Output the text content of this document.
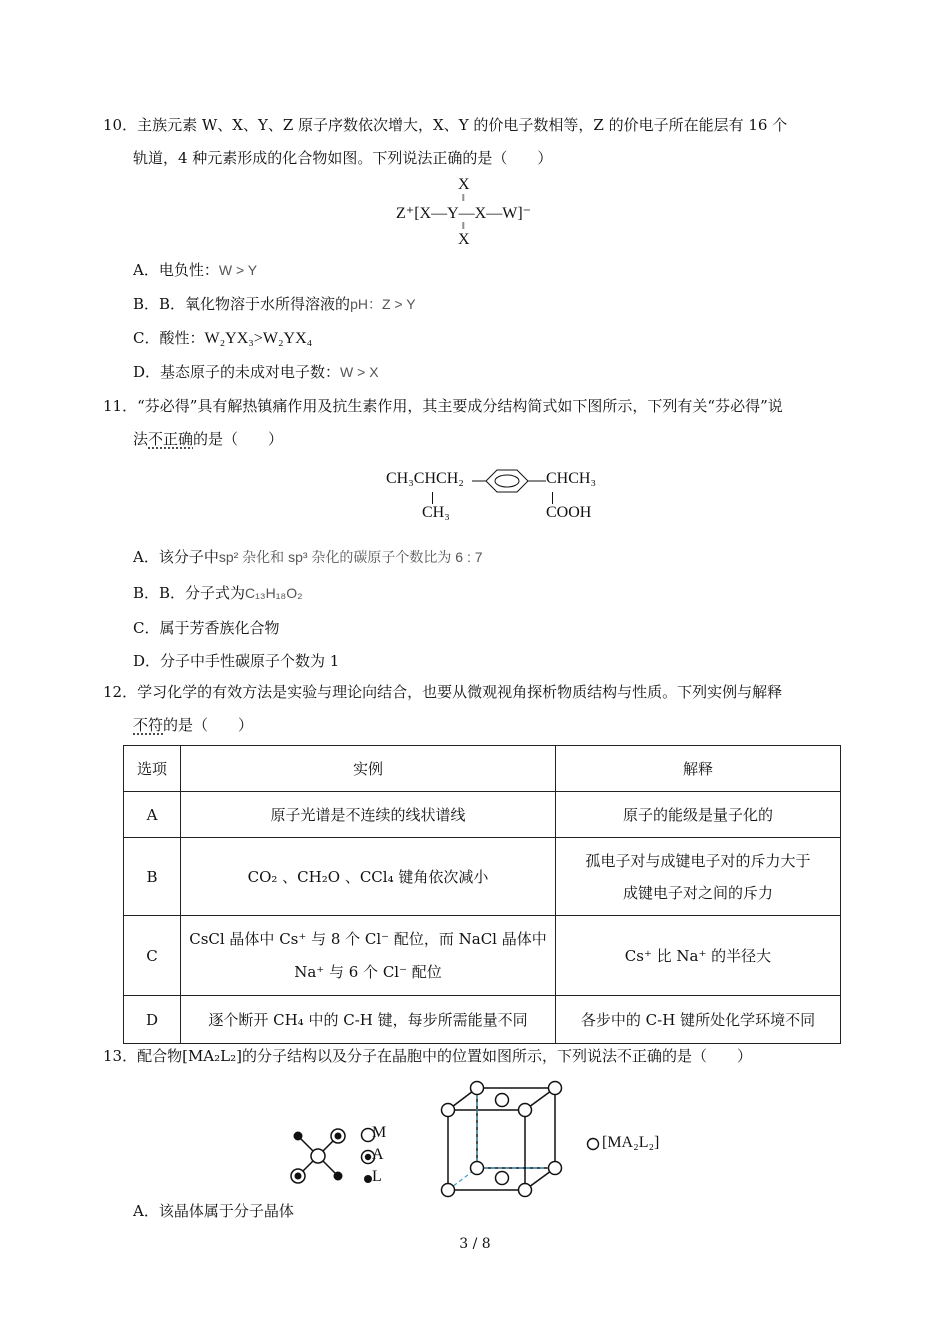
10．主族元素 W、X、Y、Z 原子序数依次增大，X、Y 的价电子数相等，Z 的价电子所在能层有 16 个
轨道，4 种元素形成的化合物如图。下列说法正确的是（　　）
X
‖
Z⁺[X—Y—X—W]⁻
‖
X
A．电负性：W > Y
B．B．氧化物溶于水所得溶液的pH：Z > Y
C．酸性：W₂YX₃>W₂YX₄
D．基态原子的未成对电子数：W > X
11．“芬必得”具有解热镇痛作用及抗生素作用，其主要成分结构简式如下图所示，下列有关“芬必得”说
法不正确的是（　　）
CH₃CHCH₂
CH₃
CHCH₃
COOH
A．该分子中sp² 杂化和 sp³ 杂化的碳原子个数比为 6 : 7
B．B．分子式为C₁₃H₁₈O₂
C．属于芳香族化合物
D．分子中手性碳原子个数为 1
12．学习化学的有效方法是实验与理论向结合，也要从微观视角探析物质结构与性质。下列实例与解释
不符的是（　　）
选项	实例	解释
A	原子光谱是不连续的线状谱线	原子的能级是量子化的
B	CO₂ 、CH₂O 、CCl₄ 键角依次减小	孤电子对与成键电子对的斥力大于
成键电子对之间的斥力

C	CsCl 晶体中 Cs⁺ 与 8 个 Cl⁻ 配位，而 NaCl 晶体中
Na⁺ 与 6 个 Cl⁻ 配位	Cs⁺ 比 Na⁺ 的半径大
D	逐个断开 CH₄ 中的 C-H 键，每步所需能量不同	各步中的 C-H 键所处化学环境不同
13．配合物[MA₂L₂]的分子结构以及分子在晶胞中的位置如图所示，下列说法不正确的是（　　）
M
A
L
[MA₂L₂]
A．该晶体属于分子晶体
3 / 8
